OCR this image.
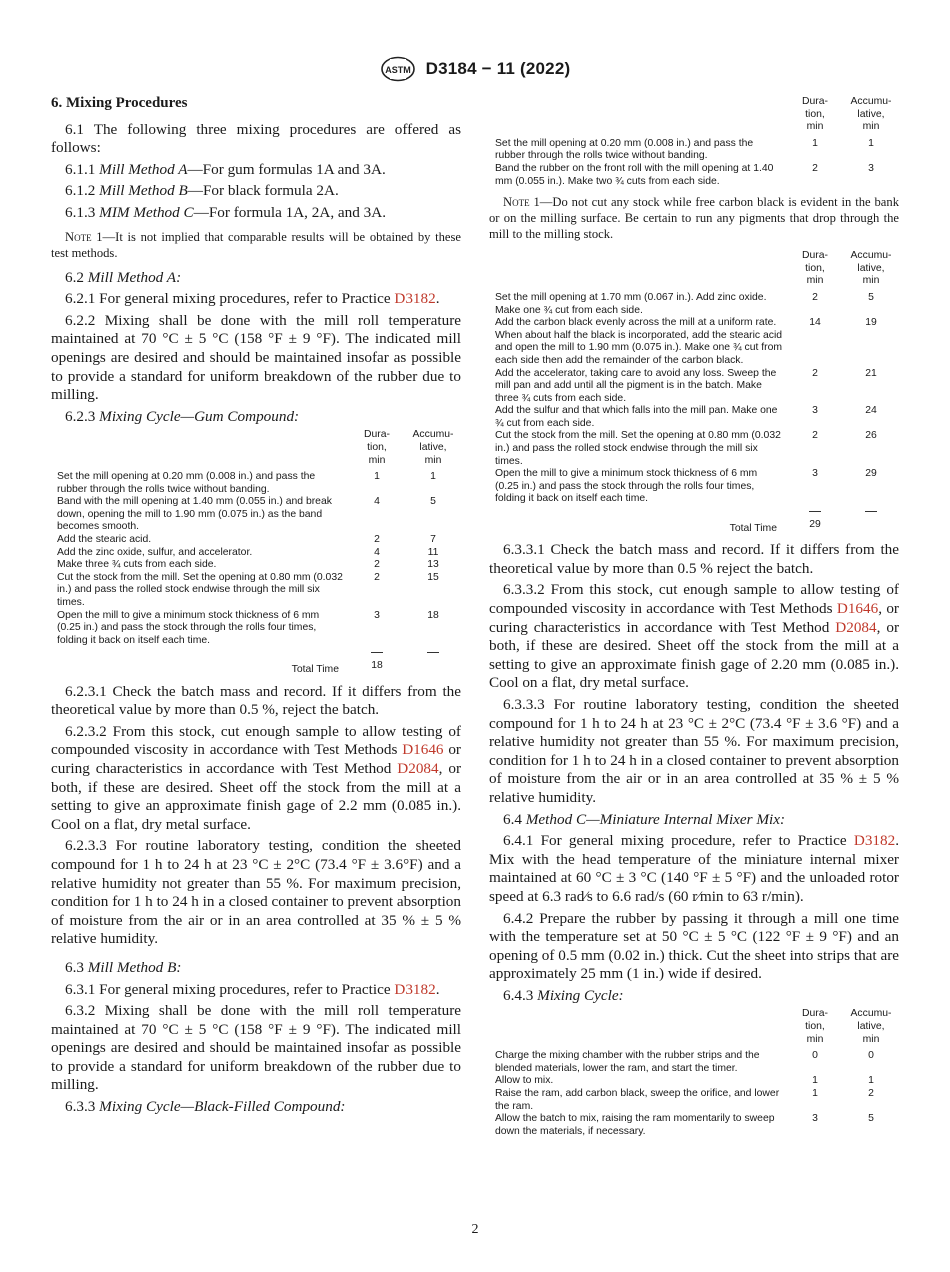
ASTM D3184 − 11 (2022)
6. Mixing Procedures

6.1 The following three mixing procedures are offered as follows:

6.1.1 Mill Method A—For gum formulas 1A and 3A.

6.1.2 Mill Method B—For black formula 2A.

6.1.3 MIM Method C—For formula 1A, 2A, and 3A.

Note 1—It is not implied that comparable results will be obtained by these test methods.

6.2 Mill Method A:

6.2.1 For general mixing procedures, refer to Practice D3182.

6.2.2 Mixing shall be done with the mill roll temperature maintained at 70 °C ± 5 °C (158 °F ± 9 °F). The indicated mill openings are desired and should be maintained insofar as possible to provide a standard for uniform breakdown of the rubber due to milling.

6.2.3 Mixing Cycle—Gum Compound:

	Dura-
tion,
min	Accumu-
lative,
min
Set the mill opening at 0.20 mm (0.008 in.) and pass the rubber through the rolls twice without banding.	1	1
Band with the mill opening at 1.40 mm (0.055 in.) and break down, opening the mill to 1.90 mm (0.075 in.) as the band becomes smooth.	4	5
Add the stearic acid.	2	7
Add the zinc oxide, sulfur, and accelerator.	4	11
Make three ¾ cuts from each side.	2	13
Cut the stock from the mill. Set the opening at 0.80 mm (0.032 in.) and pass the rolled stock endwise through the mill six times.	2	15
Open the mill to give a minimum stock thickness of 6 mm (0.25 in.) and pass the stock through the rolls four times, folding it back on itself each time.	3	18

Total Time	18	

6.2.3.1 Check the batch mass and record. If it differs from the theoretical value by more than 0.5 %, reject the batch.

6.2.3.2 From this stock, cut enough sample to allow testing of compounded viscosity in accordance with Test Methods D1646 or curing characteristics in accordance with Test Method D2084, or both, if these are desired. Sheet off the stock from the mill at a setting to give an approximate finish gage of 2.2 mm (0.085 in.). Cool on a flat, dry metal surface.

6.2.3.3 For routine laboratory testing, condition the sheeted compound for 1 h to 24 h at 23 °C ± 2°C (73.4 °F ± 3.6°F) and a relative humidity not greater than 55 %. For maximum precision, condition for 1 h to 24 h in a closed container to prevent absorption of moisture from the air or in an area controlled at 35 % ± 5 % relative humidity.

6.3 Mill Method B:

6.3.1 For general mixing procedures, refer to Practice D3182.

6.3.2 Mixing shall be done with the mill roll temperature maintained at 70 °C ± 5 °C (158 °F ± 9 °F). The indicated mill openings are desired and should be maintained insofar as possible to provide a standard for uniform breakdown of the rubber due to milling.

6.3.3 Mixing Cycle—Black-Filled Compound:

	Dura-
tion,
min	Accumu-
lative,
min
Set the mill opening at 0.20 mm (0.008 in.) and pass the rubber through the rolls twice without banding.	1	1
Band the rubber on the front roll with the mill opening at 1.40 mm (0.055 in.). Make two ¾ cuts from each side.	2	3
Note 1—Do not cut any stock while free carbon black is evident in the bank or on the milling surface. Be certain to run any pigments that drop through the mill to the milling stock.
	Dura-
tion,
min	Accumu-
lative,
min
Set the mill opening at 1.70 mm (0.067 in.). Add zinc oxide. Make one ¾ cut from each side.	2	5
Add the carbon black evenly across the mill at a uniform rate. When about half the black is incorporated, add the stearic acid and open the mill to 1.90 mm (0.075 in.). Make one ¾ cut from each side then add the remainder of the carbon black.	14	19
Add the accelerator, taking care to avoid any loss. Sweep the mill pan and add until all the pigment is in the batch. Make three ¾ cuts from each side.	2	21
Add the sulfur and that which falls into the mill pan. Make one ¾ cut from each side.	3	24
Cut the stock from the mill. Set the opening at 0.80 mm (0.032 in.) and pass the rolled stock endwise through the mill six times.	2	26
Open the mill to give a minimum stock thickness of 6 mm (0.25 in.) and pass the stock through the rolls four times, folding it back on itself each time.	3	29

Total Time	29	

6.3.3.1 Check the batch mass and record. If it differs from the theoretical value by more than 0.5 % reject the batch.

6.3.3.2 From this stock, cut enough sample to allow testing of compounded viscosity in accordance with Test Methods D1646, or curing characteristics in accordance with Test Method D2084, or both, if these are desired. Sheet off the stock from the mill at a setting to give an approximate finish gage of 2.20 mm (0.085 in.). Cool on a flat, dry metal surface.

6.3.3.3 For routine laboratory testing, condition the sheeted compound for 1 h to 24 h at 23 °C ± 2°C (73.4 °F ± 3.6 °F) and a relative humidity not greater than 55 %. For maximum precision, condition for 1 h to 24 h in a closed container to prevent absorption of moisture from the air or in an area controlled at 35 % ± 5 % relative humidity.

6.4 Method C—Miniature Internal Mixer Mix:

6.4.1 For general mixing procedure, refer to Practice D3182. Mix with the head temperature of the miniature internal mixer maintained at 60 °C ± 3 °C (140 °F ± 5 °F) and the unloaded rotor speed at 6.3 rad⁄s to 6.6 rad/s (60 r⁄min to 63 r/min).

6.4.2 Prepare the rubber by passing it through a mill one time with the temperature set at 50 °C ± 5 °C (122 °F ± 9 °F) and an opening of 0.5 mm (0.02 in.) thick. Cut the sheet into strips that are approximately 25 mm (1 in.) wide if desired.

6.4.3 Mixing Cycle:

	Dura-
tion,
min	Accumu-
lative,
min
Charge the mixing chamber with the rubber strips and the blended materials, lower the ram, and start the timer.	0	0
Allow to mix.	1	1
Raise the ram, add carbon black, sweep the orifice, and lower the ram.	1	2
Allow the batch to mix, raising the ram momentarily to sweep down the materials, if necessary.	3	5
2
